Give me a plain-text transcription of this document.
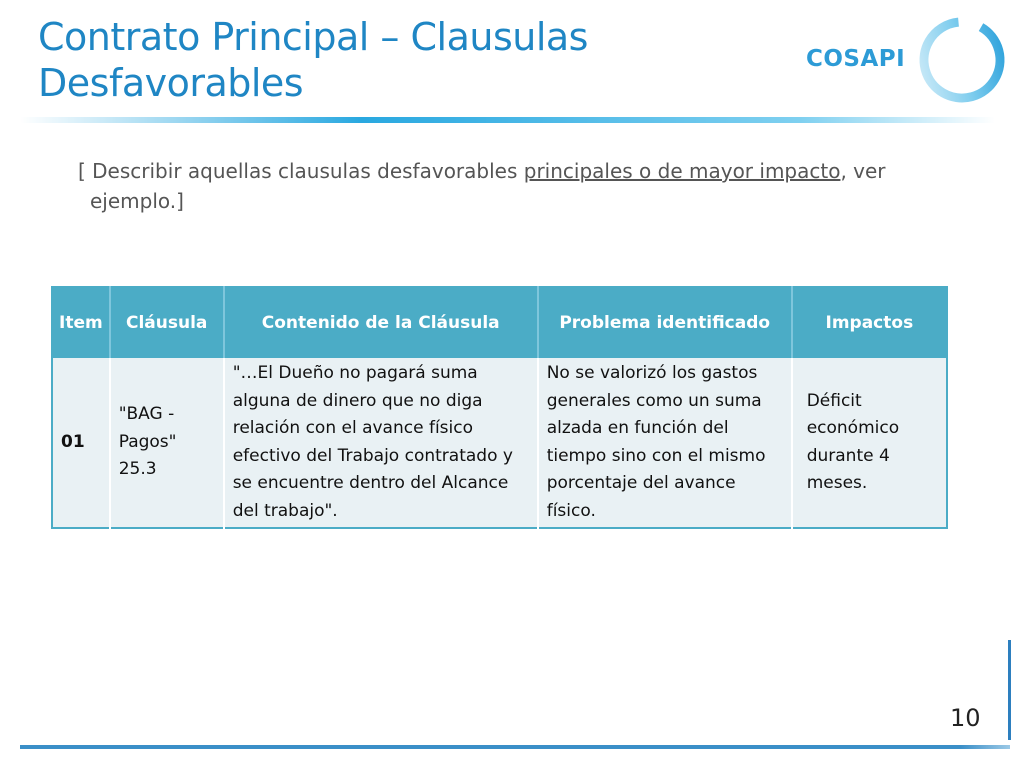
Contrato Principal – Clausulas
Desfavorables
COSAPI
[ Describir aquellas clausulas desfavorables principales o de mayor impacto, ver
ejemplo.]
Item	Cláusula	Contenido de la Cláusula	Problema identificado	Impactos
01	"BAG - Pagos" 25.3	"…El Dueño no pagará suma alguna de dinero que no diga relación con el avance físico efectivo del Trabajo contratado y se encuentre dentro del Alcance del trabajo".	No se valorizó los gastos generales como un suma alzada en función del tiempo sino con el mismo porcentaje del avance físico.	Déficit económico durante 4 meses.
10
